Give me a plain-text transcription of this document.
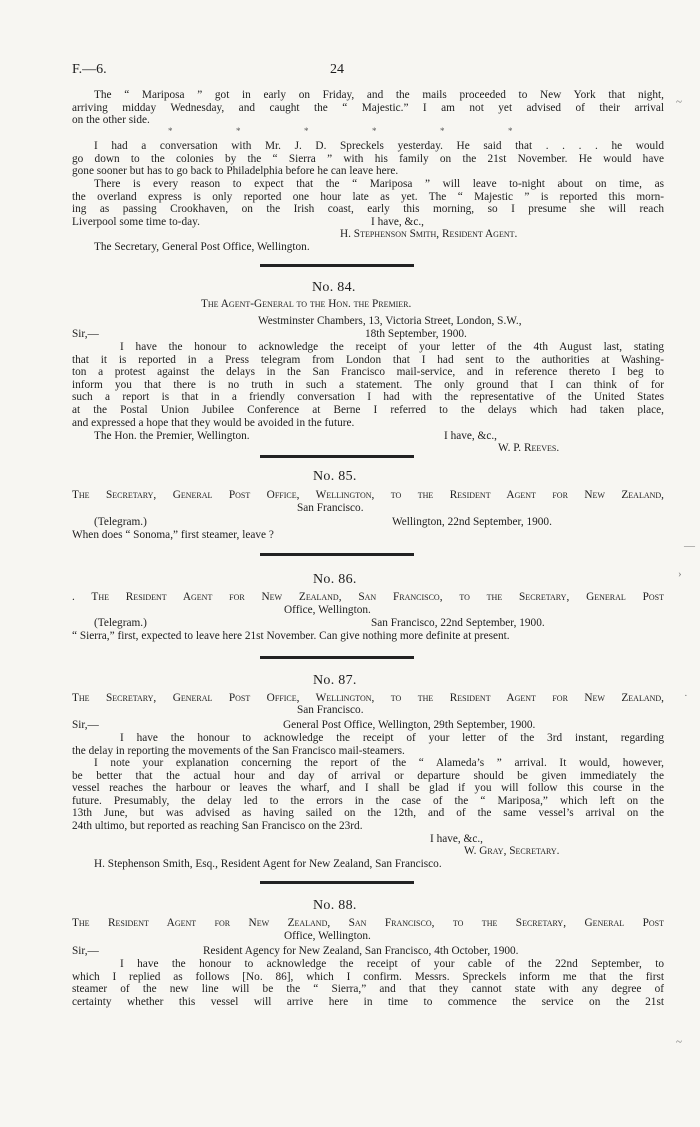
~
—
›
·
~
F.—6.	24
The “ Mariposa ” got in early on Friday, and the mails proceeded to New York that night,
arriving midday Wednesday, and caught the “ Majestic.” I am not yet advised of their arrival
on the other side.
*	*	*	*	*	*
I had a conversation with Mr. J. D. Spreckels yesterday. He said that . . . . he would
go down to the colonies by the “ Sierra ” with his family on the 21st November. He would have
gone sooner but has to go back to Philadelphia before he can leave here.
There is every reason to expect that the “ Mariposa ” will leave to-night about on time, as
the overland express is only reported one hour late as yet. The “ Majestic ” is reported this morn-
ing as passing Crookhaven, on the Irish coast, early this morning, so I presume she will reach
Liverpool some time to-day.	I have, &c.,
H. Stephenson Smith, Resident Agent.
The Secretary, General Post Office, Wellington.
No. 84.
The Agent-General to the Hon. the Premier.
Westminster Chambers, 13, Victoria Street, London, S.W.,
Sir,—	18th September, 1900.
I have the honour to acknowledge the receipt of your letter of the 4th August last, stating
that it is reported in a Press telegram from London that I had sent to the authorities at Washing-
ton a protest against the delays in the San Francisco mail-service, and in reference thereto I beg to
inform you that there is no truth in such a statement. The only ground that I can think of for
such a report is that in a friendly conversation I had with the representative of the United States
at the Postal Union Jubilee Conference at Berne I referred to the delays which had taken place,
and expressed a hope that they would be avoided in the future.
The Hon. the Premier, Wellington.	I have, &c.,
W. P. Reeves.
No. 85.
The Secretary, General Post Office, Wellington, to the Resident Agent for New Zealand,
San Francisco.
(Telegram.)	Wellington, 22nd September, 1900.
When does “ Sonoma,” first steamer, leave ?
No. 86.
. The Resident Agent for New Zealand, San Francisco, to the Secretary, General Post
Office, Wellington.
(Telegram.)	San Francisco, 22nd September, 1900.
“ Sierra,” first, expected to leave here 21st November. Can give nothing more definite at present.
No. 87.
The Secretary, General Post Office, Wellington, to the Resident Agent for New Zealand,
San Francisco.
Sir,—	General Post Office, Wellington, 29th September, 1900.
I have the honour to acknowledge the receipt of your letter of the 3rd instant, regarding
the delay in reporting the movements of the San Francisco mail-steamers.
I note your explanation concerning the report of the “ Alameda’s ” arrival. It would, however,
be better that the actual hour and day of arrival or departure should be given immediately the
vessel reaches the harbour or leaves the wharf, and I shall be glad if you will follow this course in the
future. Presumably, the delay led to the errors in the case of the “ Mariposa,” which left on the
13th June, but was advised as having sailed on the 12th, and of the same vessel’s arrival on the
24th ultimo, but reported as reaching San Francisco on the 23rd.
I have, &c.,
W. Gray, Secretary.
H. Stephenson Smith, Esq., Resident Agent for New Zealand, San Francisco.
No. 88.
The Resident Agent for New Zealand, San Francisco, to the Secretary, General Post
Office, Wellington.
Sir,—	Resident Agency for New Zealand, San Francisco, 4th October, 1900.
I have the honour to acknowledge the receipt of your cable of the 22nd September, to
which I replied as follows [No. 86], which I confirm. Messrs. Spreckels inform me that the first
steamer of the new line will be the “ Sierra,” and that they cannot state with any degree of
certainty whether this vessel will arrive here in time to commence the service on the 21st
